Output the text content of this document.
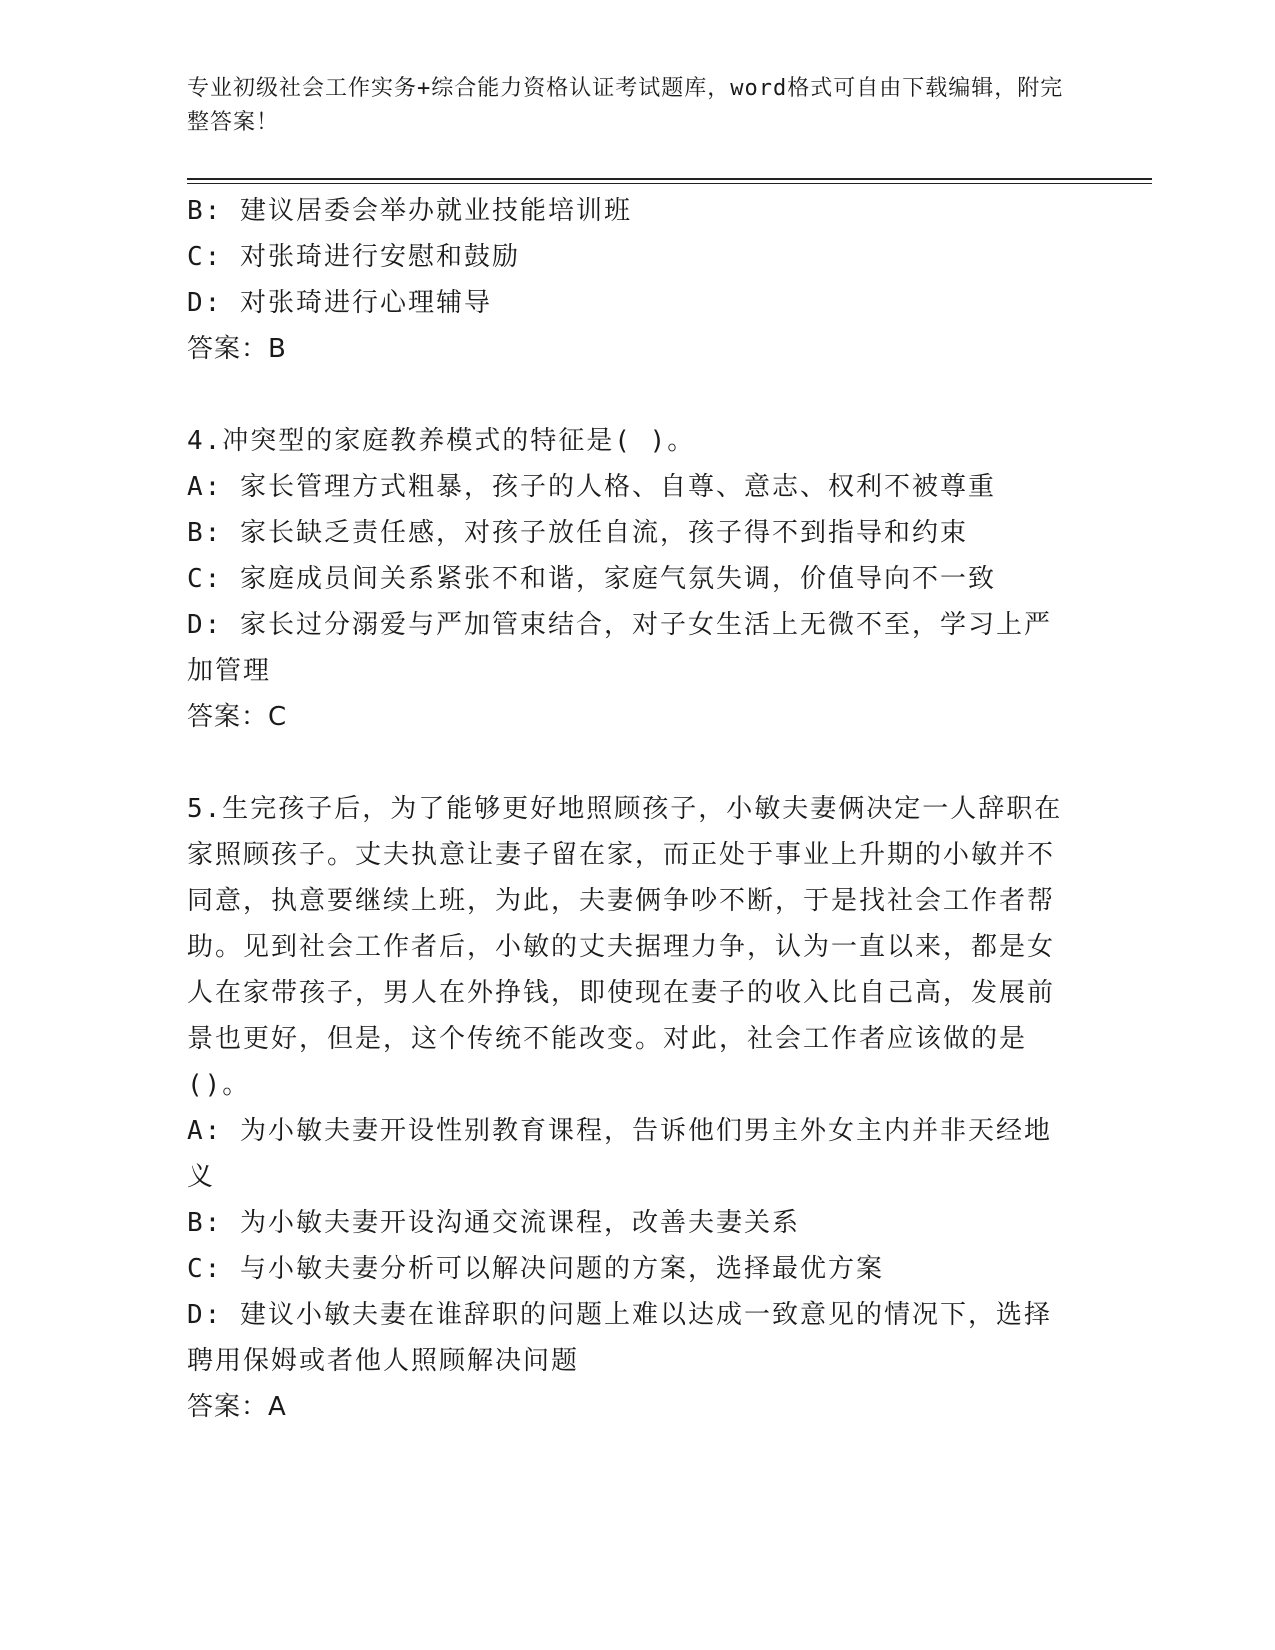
专业初级社会工作实务+综合能力资格认证考试题库，word格式可自由下载编辑，附完整答案！
B: 建议居委会举办就业技能培训班
C: 对张琦进行安慰和鼓励
D: 对张琦进行心理辅导
答案：B
4.冲突型的家庭教养模式的特征是( )。
A: 家长管理方式粗暴，孩子的人格、自尊、意志、权利不被尊重
B: 家长缺乏责任感，对孩子放任自流，孩子得不到指导和约束
C: 家庭成员间关系紧张不和谐，家庭气氛失调，价值导向不一致
D: 家长过分溺爱与严加管束结合，对子女生活上无微不至，学习上严加管理
答案：C
5.生完孩子后，为了能够更好地照顾孩子，小敏夫妻俩决定一人辞职在家照顾孩子。丈夫执意让妻子留在家，而正处于事业上升期的小敏并不同意，执意要继续上班，为此，夫妻俩争吵不断，于是找社会工作者帮助。见到社会工作者后，小敏的丈夫据理力争，认为一直以来，都是女人在家带孩子，男人在外挣钱，即使现在妻子的收入比自己高，发展前景也更好，但是，这个传统不能改变。对此，社会工作者应该做的是()。
A: 为小敏夫妻开设性别教育课程，告诉他们男主外女主内并非天经地义
B: 为小敏夫妻开设沟通交流课程，改善夫妻关系
C: 与小敏夫妻分析可以解决问题的方案，选择最优方案
D: 建议小敏夫妻在谁辞职的问题上难以达成一致意见的情况下，选择聘用保姆或者他人照顾解决问题
答案：A
